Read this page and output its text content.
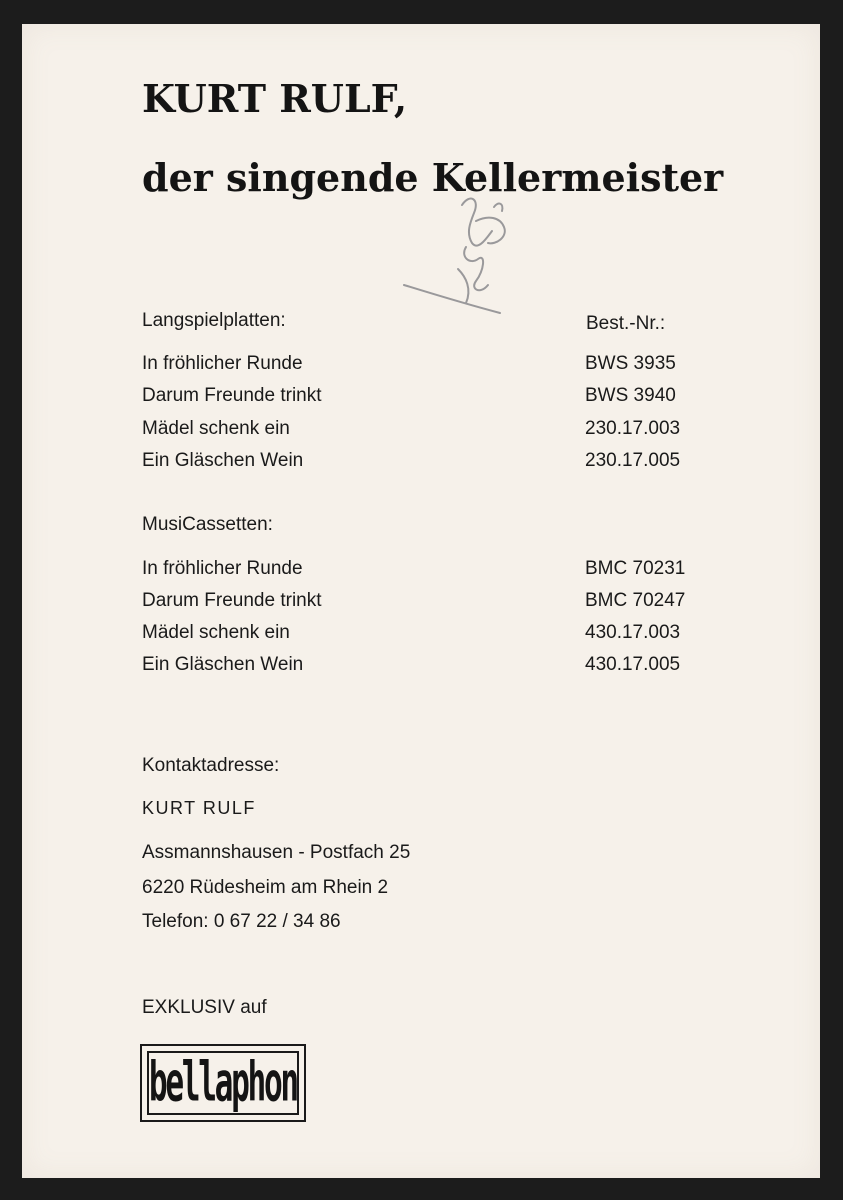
KURT RULF,
der singende Kellermeister
Langspielplatten:	Best.-Nr.:
In fröhlicher Runde	BWS 3935
Darum Freunde trinkt	BWS 3940
Mädel schenk ein	230.17.003
Ein Gläschen Wein	230.17.005
MusiCassetten:
In fröhlicher Runde	BMC 70231
Darum Freunde trinkt	BMC 70247
Mädel schenk ein	430.17.003
Ein Gläschen Wein	430.17.005
Kontaktadresse:
KURT RULF
Assmannshausen - Postfach 25
6220 Rüdesheim am Rhein 2
Telefon: 0 67 22 / 34 86
EXKLUSIV auf
bellaphon
